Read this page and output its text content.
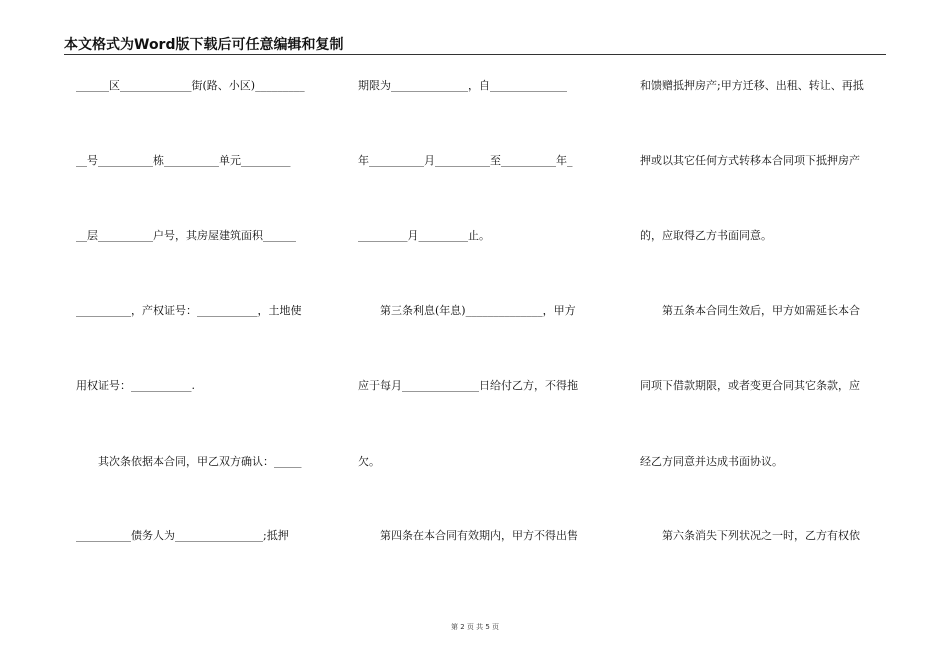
本文格式为Word版下载后可任意编辑和复制
______区_____________街(路、小区)_________
__号__________栋__________单元_________
__层__________户号，其房屋建筑面积______
__________，产权证号：___________，土地使
用权证号：___________.
　　其次条依据本合同，甲乙双方确认：_____
__________债务人为________________;抵押
期限为______________，自______________
年__________月__________至__________年_
_________月_________止。
　　第三条利息(年息)______________，甲方
应于每月______________日给付乙方，不得拖
欠。
　　第四条在本合同有效期内，甲方不得出售
和馈赠抵押房产;甲方迁移、出租、转让、再抵
押或以其它任何方式转移本合同项下抵押房产
的，应取得乙方书面同意。
　　第五条本合同生效后，甲方如需延长本合
同项下借款期限，或者变更合同其它条款，应
经乙方同意并达成书面协议。
　　第六条消失下列状况之一时，乙方有权依
第 2 页 共 5 页
